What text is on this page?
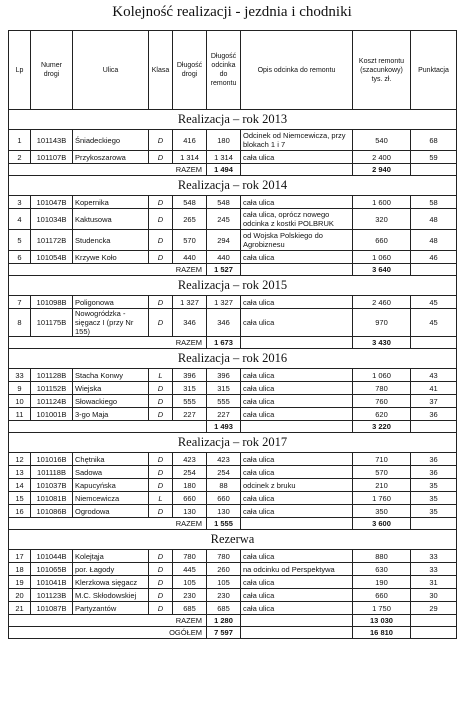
Kolejność realizacji - jezdnia i chodniki
Lp	Numer drogi	Ulica	Klasa	Długość drogi	Długość odcinka do remontu	Opis odcinka do remontu	Koszt remontu (szacunkowy) tys. zł.	Punktacja
Realizacja – rok 2013								
1	101143B	Śniadeckiego	D	416	180	Odcinek od Niemcewicza, przy blokach 1 i 7	540	68
2	101107B	Przykoszarowa	D	1 314	1 314	cała ulica	2 400	59
RAZEM					1 494		2 940	
Realizacja – rok 2014								
3	101047B	Kopernika	D	548	548	cała ulica	1 600	58
4	101034B	Kaktusowa	D	265	245	cała ulica, oprócz nowego odcinka z kostki POLBRUK	320	48
5	101172B	Studencka	D	570	294	od Wojska Polskiego do Agrobiznesu	660	48
6	101054B	Krzywe Koło	D	440	440	cała ulica	1 060	46
RAZEM					1 527		3 640	
Realizacja – rok 2015								
7	101098B	Poligonowa	D	1 327	1 327	cała ulica	2 460	45
8	101175B	Nowogródzka - sięgacz I (przy Nr 155)	D	346	346	cała ulica	970	45
RAZEM					1 673		3 430	
Realizacja – rok 2016								
33	101128B	Stacha Konwy	L	396	396	cała ulica	1 060	43
9	101152B	Wiejska	D	315	315	cała ulica	780	41
10	101124B	Słowackiego	D	555	555	cała ulica	760	37
11	101001B	3-go Maja	D	227	227	cała ulica	620	36
					1 493		3 220	
Realizacja – rok 2017								
12	101016B	Chętnika	D	423	423	cała ulica	710	36
13	101118B	Sadowa	D	254	254	cała ulica	570	36
14	101037B	Kapucyńska	D	180	88	odcinek z bruku	210	35
15	101081B	Niemcewicza	L	660	660	cała ulica	1 760	35
16	101086B	Ogrodowa	D	130	130	cała ulica	350	35
RAZEM					1 555		3 600	
Rezerwa								
17	101044B	Kolejtąja	D	780	780	cała ulica	880	33
18	101065B	por. Łagody	D	445	260	na odcinku od Perspektywa	630	33
19	101041B	Klerzkowa sięgacz	D	105	105	cała ulica	190	31
20	101123B	M.C. Skłodowskiej	D	230	230	cała ulica	660	30
21	101087B	Partyzantów	D	685	685	cała ulica	1 750	29
RAZEM					1 280		13 030	
OGÓŁEM					7 597		16 810	
